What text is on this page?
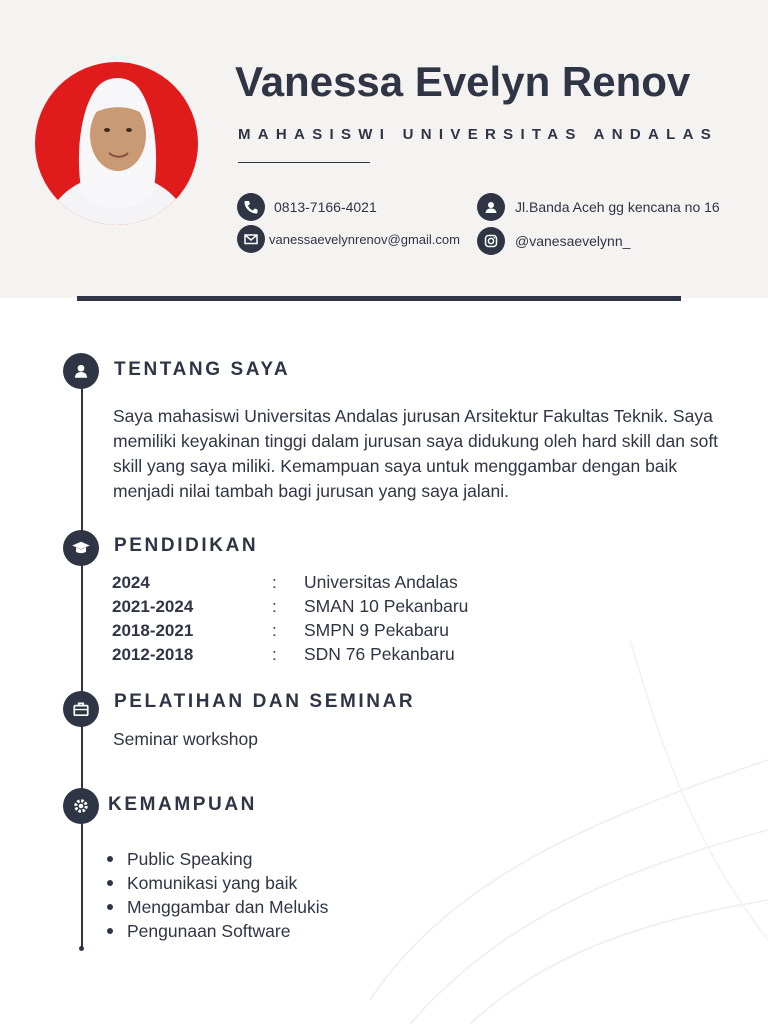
Vanessa Evelyn Renov
MAHASISWI UNIVERSITAS ANDALAS
0813-7166-4021
vanessaevelynrenov@gmail.com
Jl.Banda Aceh gg kencana no 16
@vanesaevelynn_
TENTANG SAYA

Saya mahasiswi Universitas Andalas jurusan Arsitektur Fakultas Teknik. Saya memiliki keyakinan tinggi dalam jurusan saya didukung oleh hard skill dan soft skill yang saya miliki. Kemampuan saya untuk menggambar dengan baik menjadi nilai tambah bagi jurusan yang saya jalani.

PENDIDIKAN
2024	:	Universitas Andalas
2021-2024	:	SMAN 10 Pekanbaru
2018-2021	:	SMPN 9 Pekabaru
2012-2018	:	SDN 76 Pekanbaru
PELATIHAN DAN SEMINAR
Seminar workshop
KEMAMPUAN
Public Speaking
Komunikasi yang baik
Menggambar dan Melukis
Pengunaan Software
